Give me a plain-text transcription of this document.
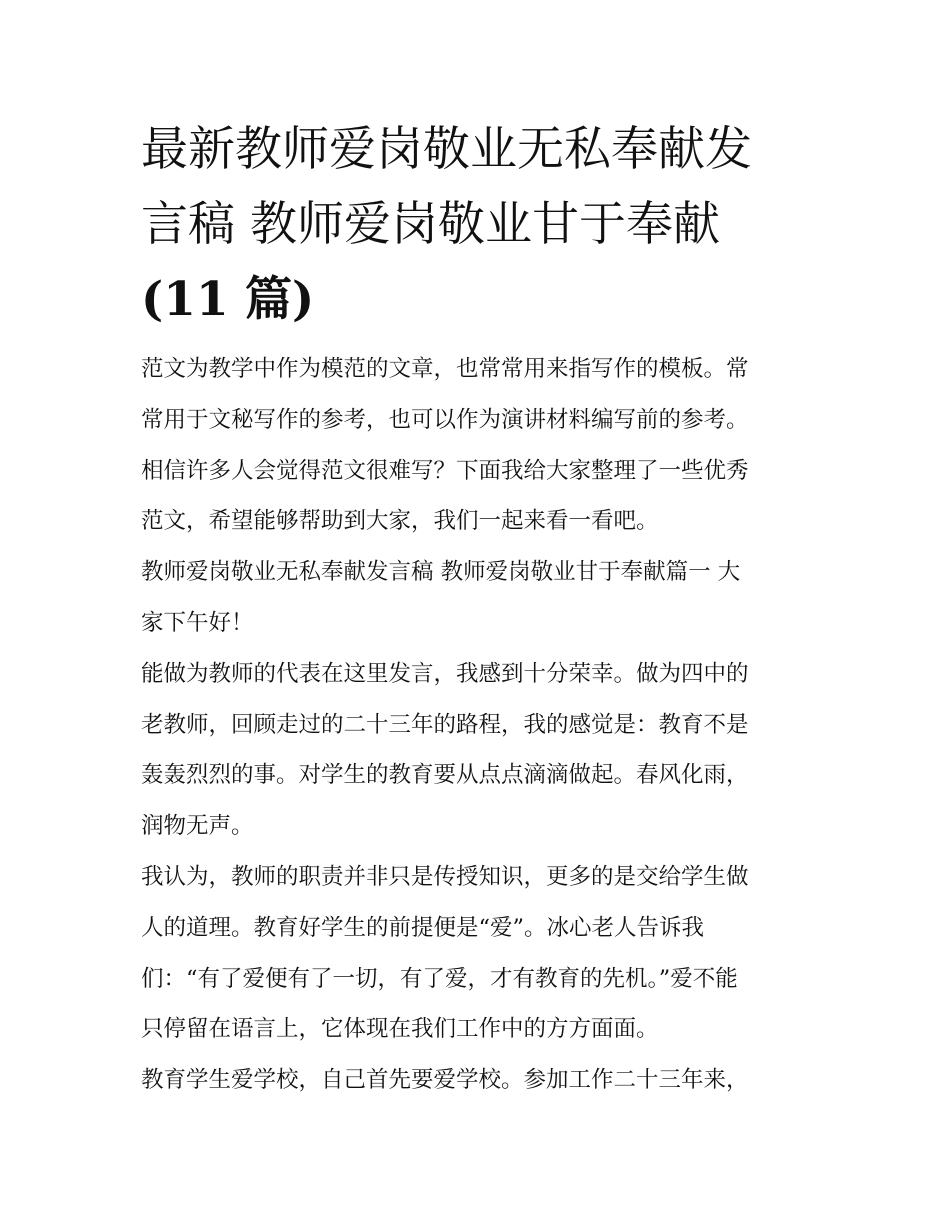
最新教师爱岗敬业无私奉献发
言稿 教师爱岗敬业甘于奉献
(11 篇)

范文为教学中作为模范的文章，也常常用来指写作的模板。常
常用于文秘写作的参考，也可以作为演讲材料编写前的参考。
相信许多人会觉得范文很难写？下面我给大家整理了一些优秀
范文，希望能够帮助到大家，我们一起来看一看吧。

教师爱岗敬业无私奉献发言稿 教师爱岗敬业甘于奉献篇一 大
家下午好！

能做为教师的代表在这里发言，我感到十分荣幸。做为四中的
老教师，回顾走过的二十三年的路程，我的感觉是：教育不是
轰轰烈烈的事。对学生的教育要从点点滴滴做起。春风化雨，
润物无声。

我认为，教师的职责并非只是传授知识，更多的是交给学生做
人的道理。教育好学生的前提便是“爱”。冰心老人告诉我
们：“有了爱便有了一切，有了爱，才有教育的先机。”爱不能
只停留在语言上，它体现在我们工作中的方方面面。

教育学生爱学校，自己首先要爱学校。参加工作二十三年来，
